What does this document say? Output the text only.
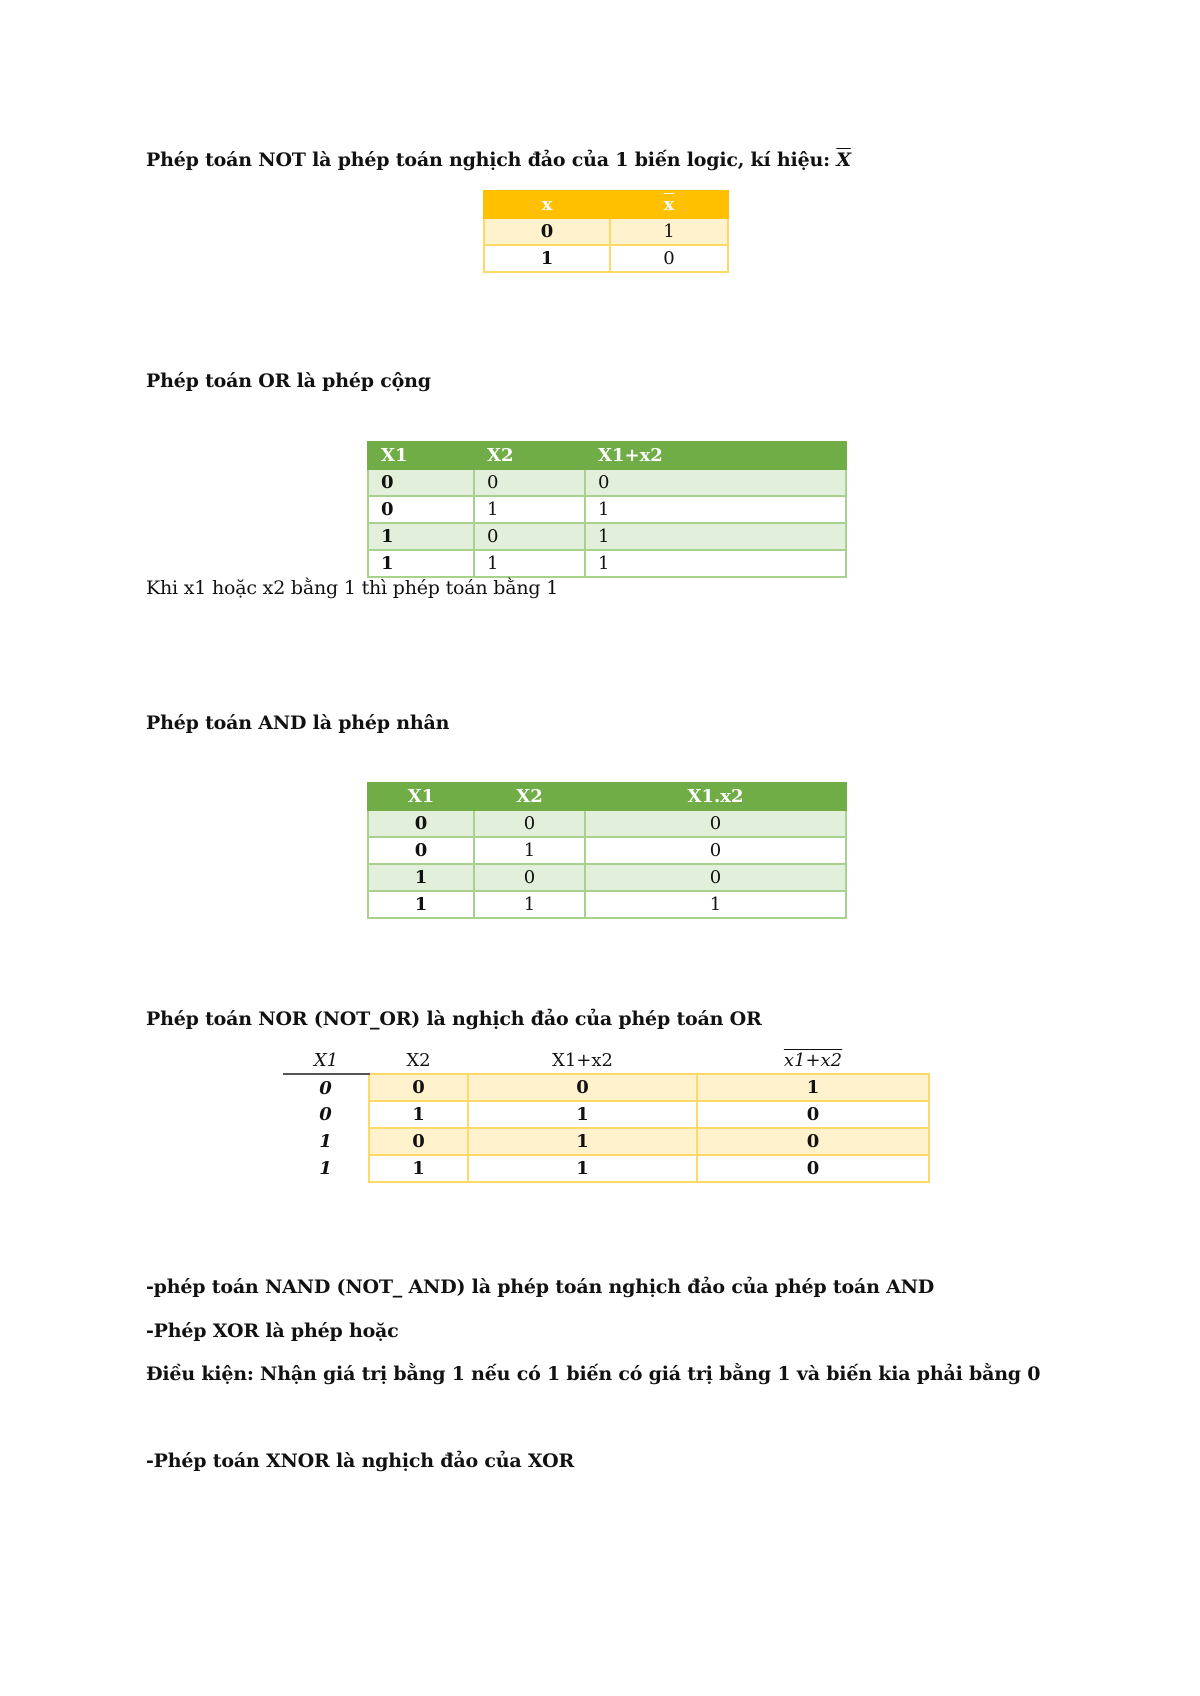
Phép toán NOT là phép toán nghịch đảo của 1 biến logic, kí hiệu: $\overline{X}$
x	$\overline{x}$
0	1
1	0
Phép toán OR là phép cộng
X1	X2	X1+x2
0	0	0
0	1	1
1	0	1
1	1	1
Khi x1 hoặc x2 bằng 1 thì phép toán bằng 1
Phép toán AND là phép nhân
X1	X2	X1.x2
0	0	0
0	1	0
1	0	0
1	1	1
Phép toán NOR (NOT_OR) là nghịch đảo của phép toán OR
X1	X2	X1+x2	x1+x2
0	0	0	1
0	1	1	0
1	0	1	0
1	1	1	0
-phép toán NAND (NOT_ AND) là phép toán nghịch đảo của phép toán AND
-Phép XOR là phép hoặc
Điều kiện: Nhận giá trị bằng 1 nếu có 1 biến có giá trị bằng 1 và biến kia phải bằng 0
-Phép toán XNOR là nghịch đảo của XOR
